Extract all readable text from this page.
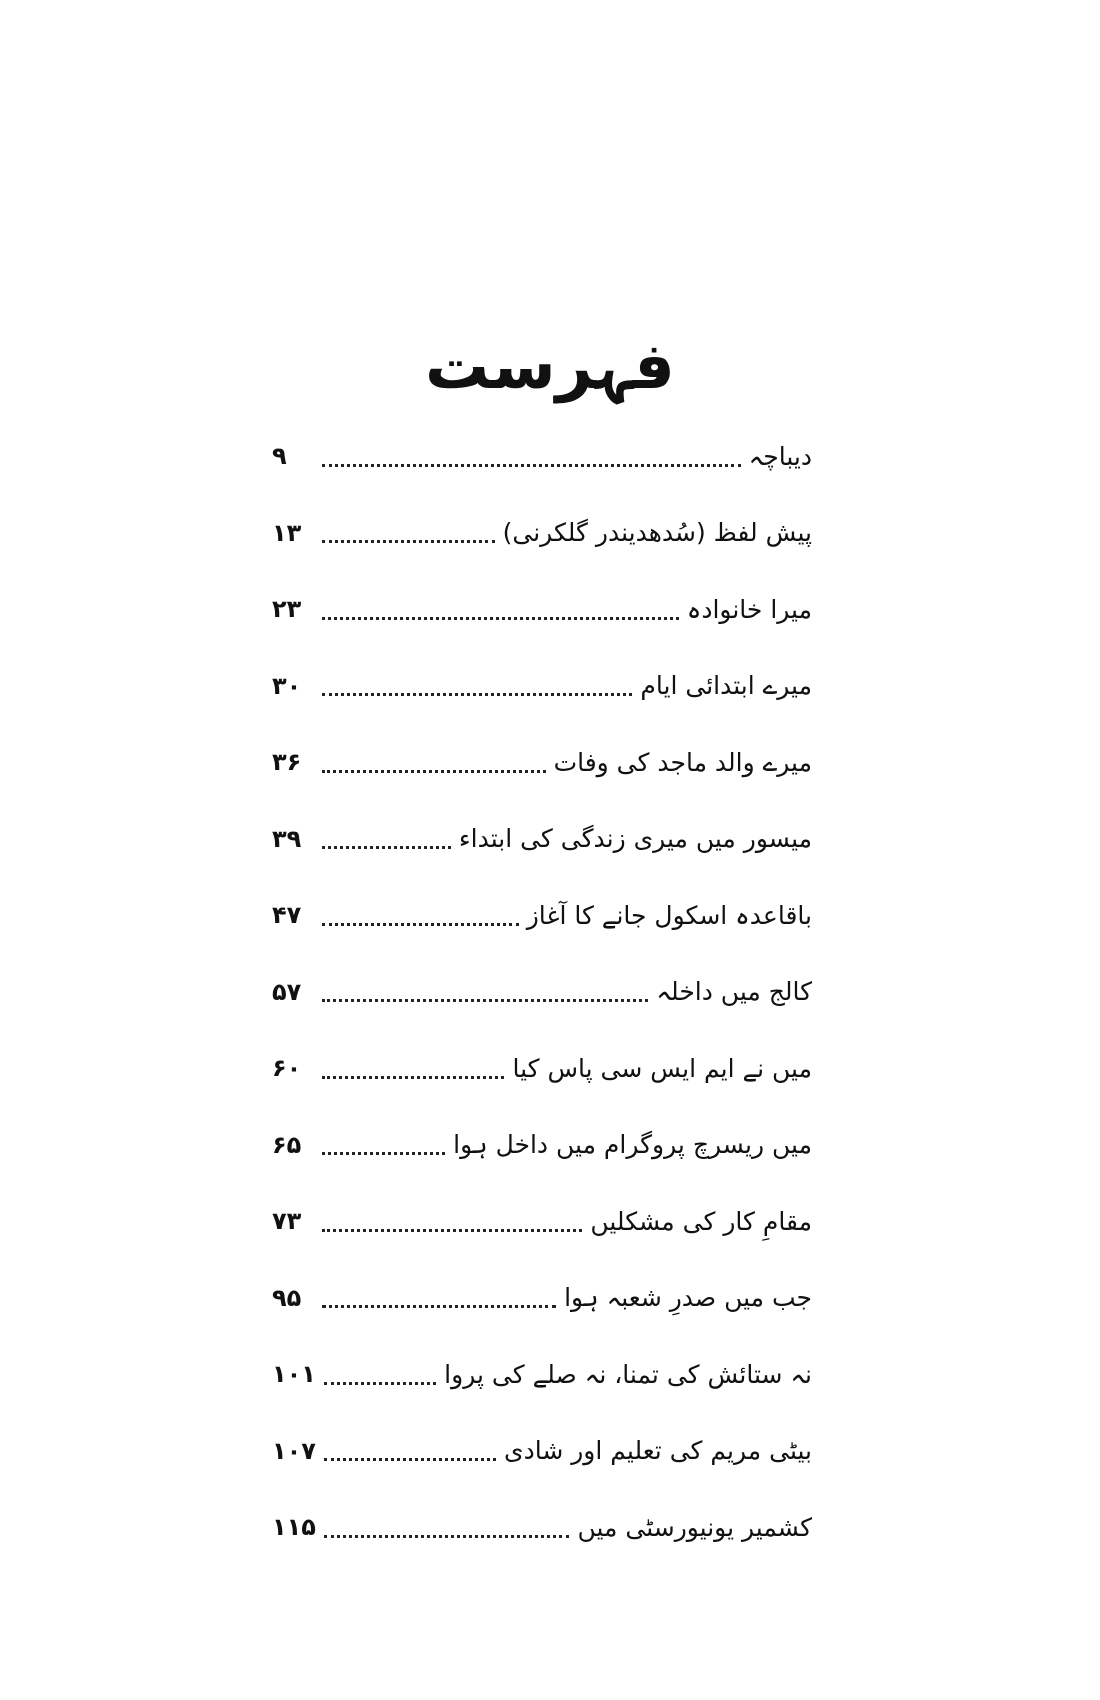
فہرست
۹	دیباچہ
۱۳	پیش لفظ (سُدھدیندر گلکرنی)
۲۳	میرا خانوادہ
۳۰	میرے ابتدائی ایام
۳۶	میرے والد ماجد کی وفات
۳۹	میسور میں میری زندگی کی ابتداء
۴۷	باقاعدہ اسکول جانے کا آغاز
۵۷	کالج میں داخلہ
۶۰	میں نے ایم ایس سی پاس کیا
۶۵	میں ریسرچ پروگرام میں داخل ہوا
۷۳	مقامِ کار کی مشکلیں
۹۵	جب میں صدرِ شعبہ ہوا
۱۰۱	نہ ستائش کی تمنا، نہ صلے کی پروا
۱۰۷	بیٹی مریم کی تعلیم اور شادی
۱۱۵	کشمیر یونیورسٹی میں
